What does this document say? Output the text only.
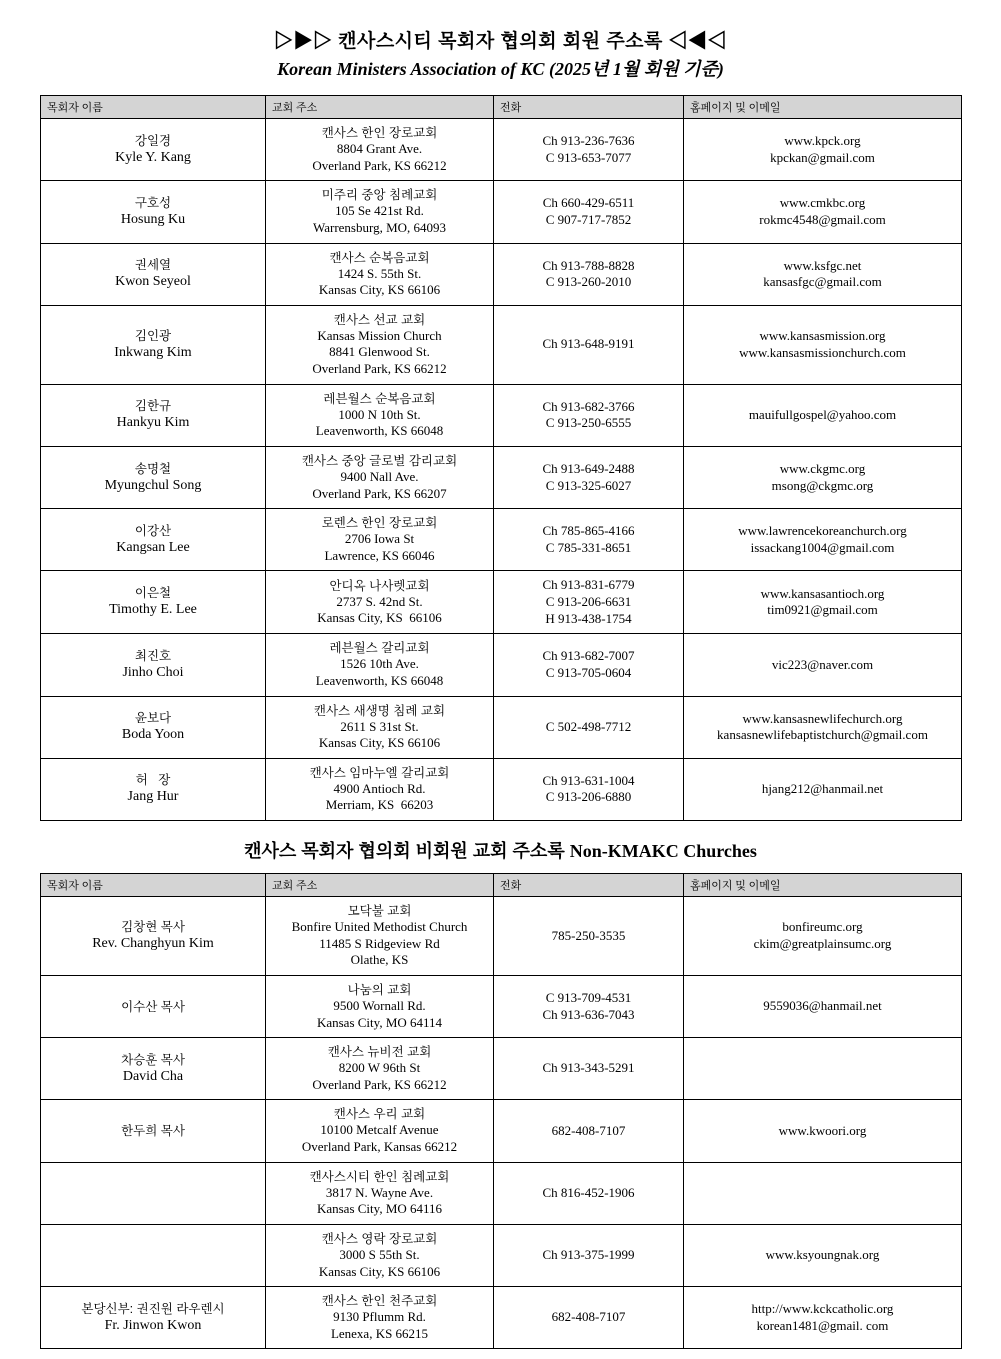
▷▶▷ 캔사스시티 목회자 협의회 회원 주소록 ◁◀◁
Korean Ministers Association of KC (2025년 1월 회원 기준)
목회자 이름	교회 주소	전화	홈페이지 및 이메일

강일경
Kyle Y. Kang	캔사스 한인 장로교회
8804 Grant Ave.
Overland Park, KS 66212	Ch 913-236-7636
C 913-653-7077	www.kpck.org
kpckan@gmail.com

구호성
Hosung Ku	미주리 중앙 침례교회
105 Se 421st Rd.
Warrensburg, MO, 64093	Ch 660-429-6511
C 907-717-7852	www.cmkbc.org
rokmc4548@gmail.com

권세열
Kwon Seyeol	캔사스 순복음교회
1424 S. 55th St.
Kansas City, KS 66106	Ch 913-788-8828
C 913-260-2010	www.ksfgc.net
kansasfgc@gmail.com

김인광
Inkwang Kim	캔사스 선교 교회
Kansas Mission Church
8841 Glenwood St.
Overland Park, KS 66212	Ch 913-648-9191	www.kansasmission.org
www.kansasmissionchurch.com

김한규
Hankyu Kim	레븐월스 순복음교회
1000 N 10th St.
Leavenworth, KS 66048	Ch 913-682-3766
C 913-250-6555	mauifullgospel@yahoo.com

송명철
Myungchul Song	캔사스 중앙 글로벌 감리교회
9400 Nall Ave.
Overland Park, KS 66207	Ch 913-649-2488
C 913-325-6027	www.ckgmc.org
msong@ckgmc.org

이강산
Kangsan Lee	로렌스 한인 장로교회
2706 Iowa St
Lawrence, KS 66046	Ch 785-865-4166
C 785-331-8651	www.lawrencekoreanchurch.org
issackang1004@gmail.com

이은철
Timothy E. Lee	안디옥 나사렛교회
2737 S. 42nd St.
Kansas City, KS  66106	Ch 913-831-6779
C 913-206-6631
H 913-438-1754	www.kansasantioch.org
tim0921@gmail.com

최진호
Jinho Choi	레븐월스 갈리교회
1526 10th Ave.
Leavenworth, KS 66048	Ch 913-682-7007
C 913-705-0604	vic223@naver.com

윤보다
Boda Yoon	캔사스 새생명 침례 교회
2611 S 31st St.
Kansas City, KS 66106	C 502-498-7712	www.kansasnewlifechurch.org
kansasnewlifebaptistchurch@gmail.com

허   장
Jang Hur	캔사스 임마누엘 갈리교회
4900 Antioch Rd.
Merriam, KS  66203	Ch 913-631-1004
C 913-206-6880	hjang212@hanmail.net
캔사스 목회자 협의회 비회원 교회 주소록 Non-KMAKC Churches
목회자 이름	교회 주소	전화	홈페이지 및 이메일

김창현 목사
Rev. Changhyun Kim	모닥불 교회
Bonfire United Methodist Church
11485 S Ridgeview Rd
Olathe, KS	785-250-3535	bonfireumc.org
ckim@greatplainsumc.org

이수산 목사	나눔의 교회
9500 Wornall Rd.
Kansas City, MO 64114	C 913-709-4531
Ch 913-636-7043	9559036@hanmail.net

차승훈 목사
David Cha	캔사스 뉴비전 교회
8200 W 96th St
Overland Park, KS 66212	Ch 913-343-5291	

한두희 목사	캔사스 우리 교회
10100 Metcalf Avenue
Overland Park, Kansas 66212	682-408-7107	www.kwoori.org

	캔사스시티 한인 침례교회
3817 N. Wayne Ave.
Kansas City, MO 64116	Ch 816-452-1906	

	캔사스 영락 장로교회
3000 S 55th St.
Kansas City, KS 66106	Ch 913-375-1999	www.ksyoungnak.org

본당신부: 권진원 라우렌시
Fr. Jinwon Kwon	캔사스 한인 천주교회
9130 Pflumm Rd.
Lenexa, KS 66215	682-408-7107	http://www.kckcatholic.org
korean1481@gmail. com
